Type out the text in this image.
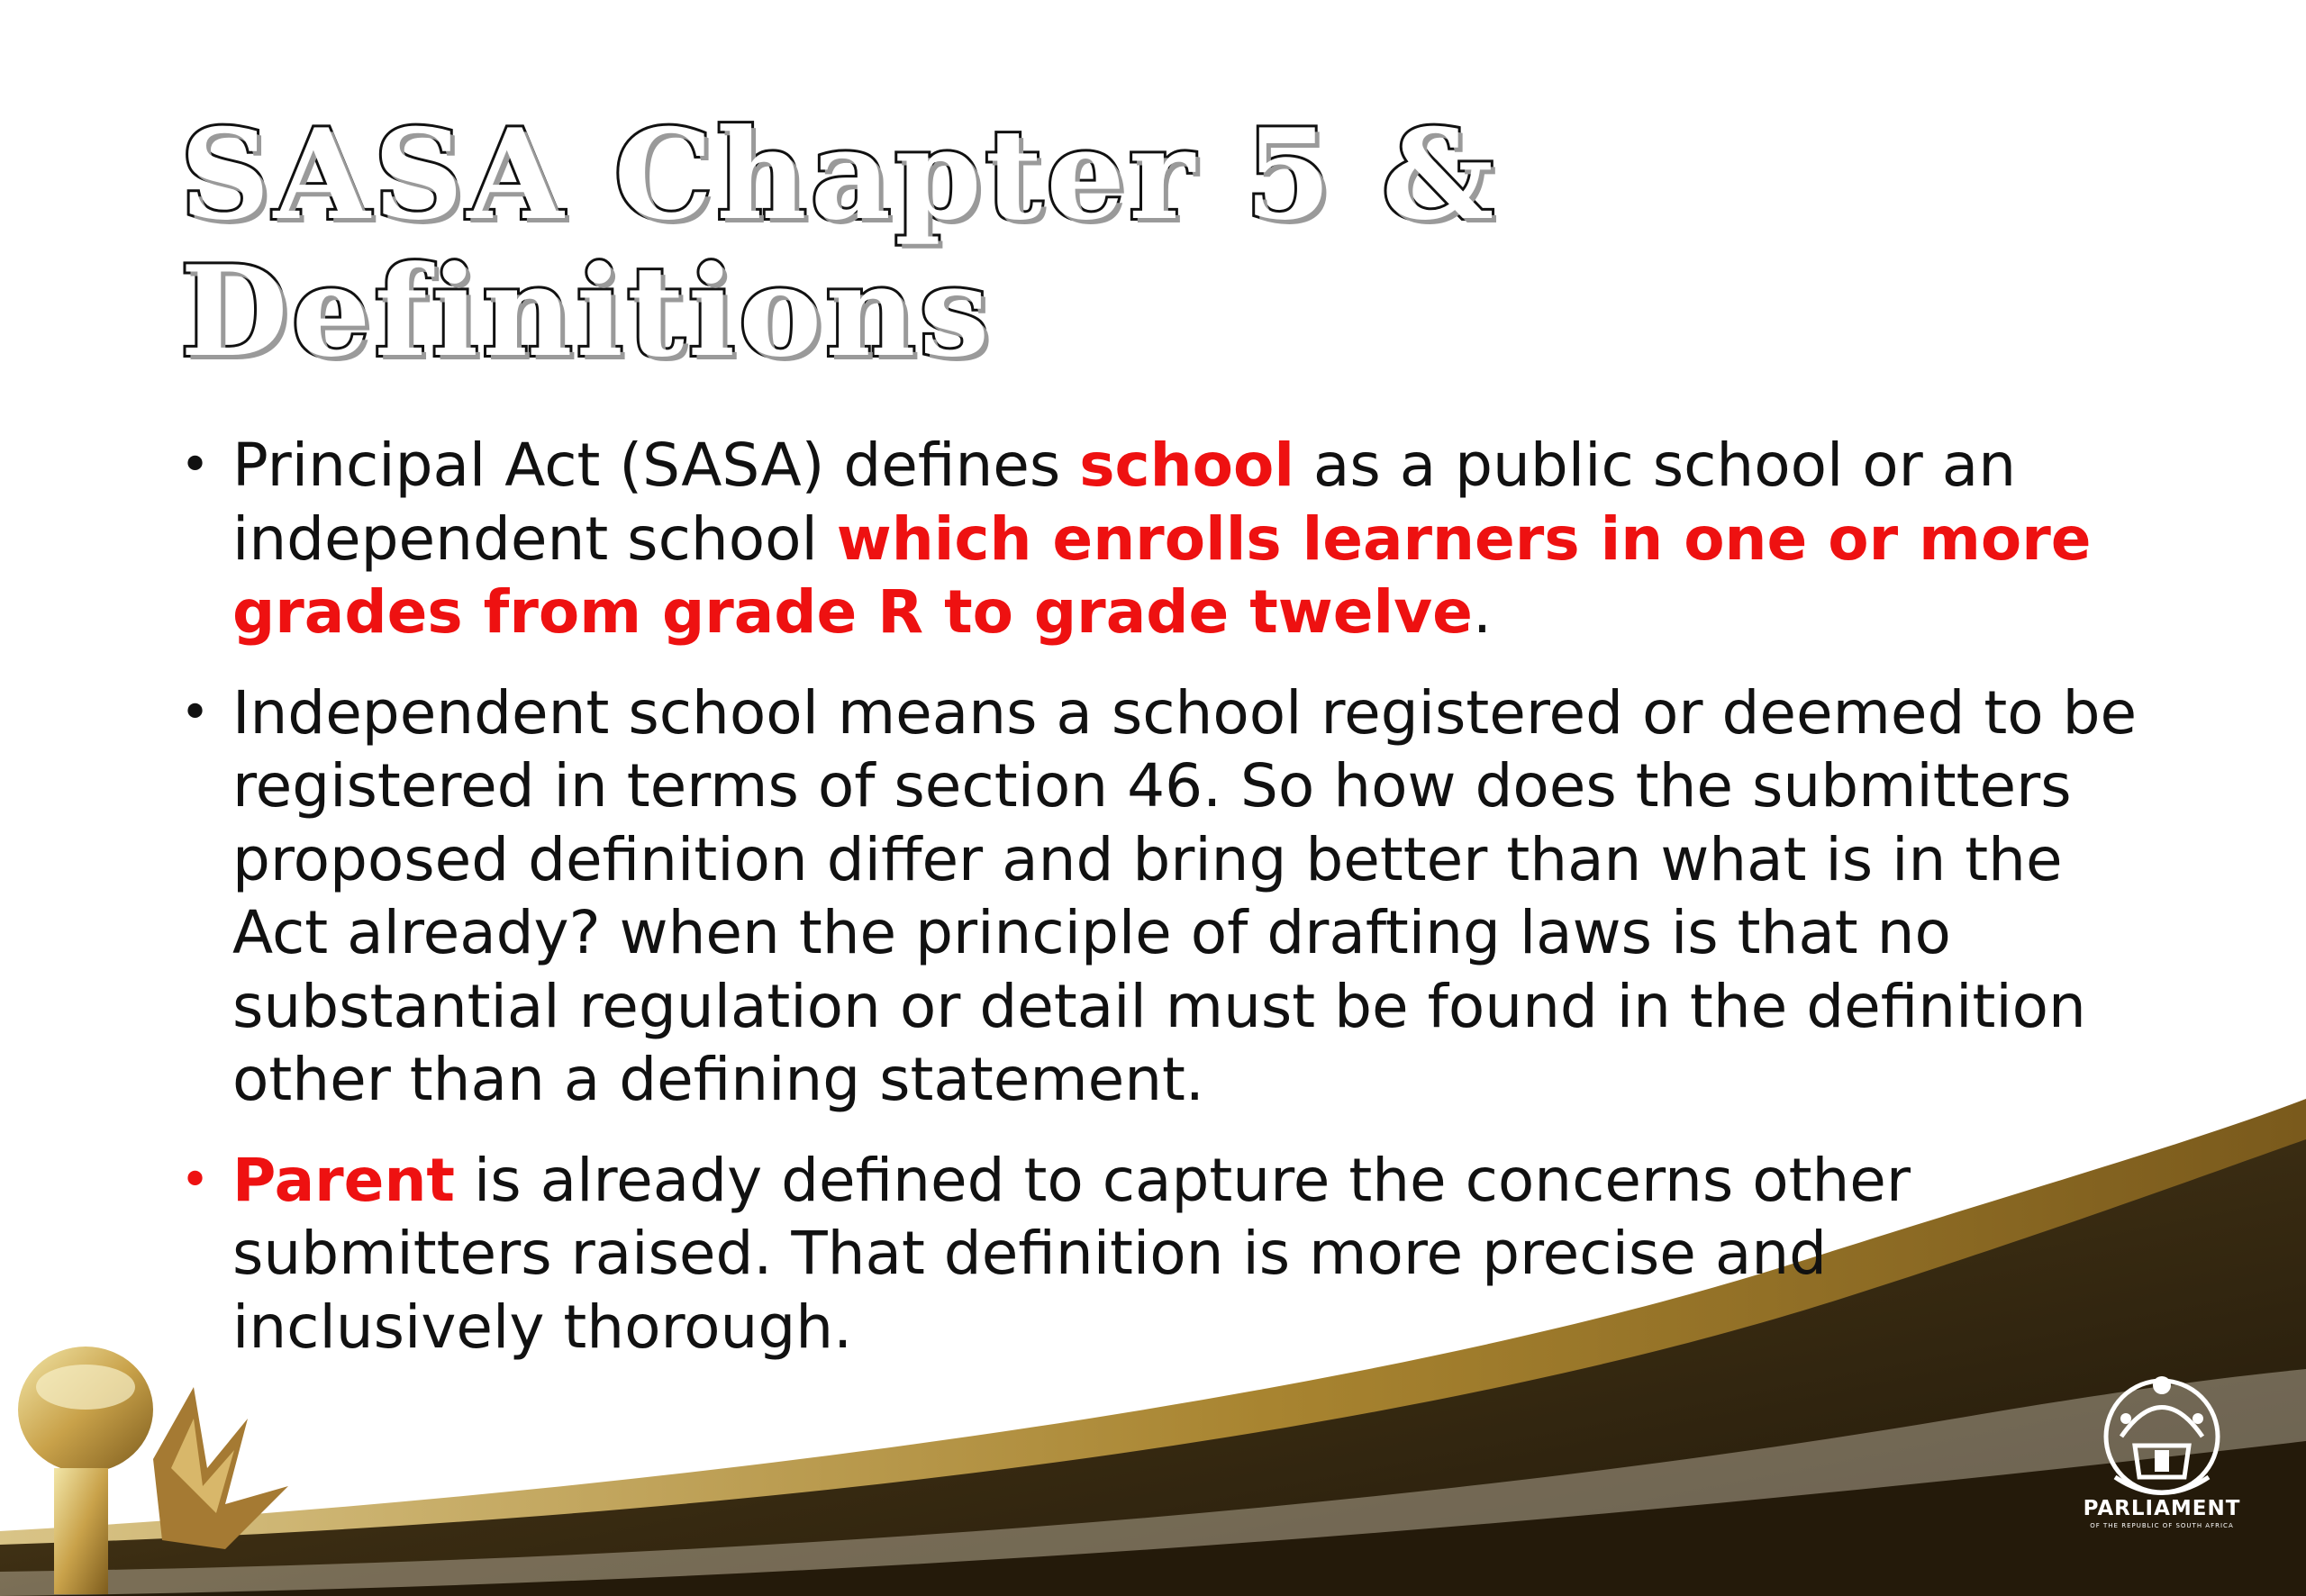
SASA Chapter 5 & Definitions
• Principal Act (SASA) defines school as a public school or an independent school which enrolls learners in one or more grades from grade R to grade twelve.
• Independent school means a school registered or deemed to be registered in terms of section 46. So how does the submitters proposed definition differ and bring better than what is in the Act already? when the principle of drafting laws is that no substantial regulation or detail must be found in the definition other than a defining statement.
• Parent is already defined to capture the concerns other submitters raised. That definition is more precise and inclusively thorough.
PARLIAMENT
OF THE REPUBLIC OF SOUTH AFRICA
